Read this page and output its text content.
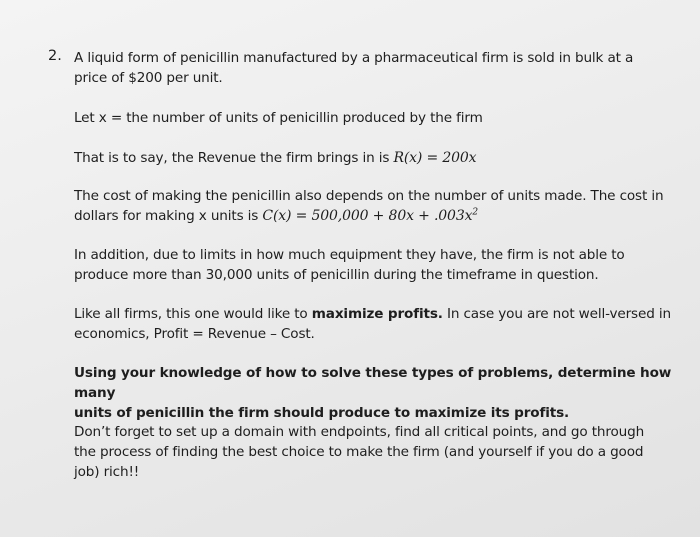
2. A liquid form of penicillin manufactured by a pharmaceutical firm is sold in bulk at a
price of $200 per unit.
Let x = the number of units of penicillin produced by the firm
That is to say, the Revenue the firm brings in is R(x) = 200x
The cost of making the penicillin also depends on the number of units made. The cost in
dollars for making x units is $C(x) = 500,000 + 80x + .003x^2$
In addition, due to limits in how much equipment they have, the firm is not able to
produce more than 30,000 units of penicillin during the timeframe in question.
Like all firms, this one would like to maximize profits. In case you are not well-versed in
economics, Profit = Revenue – Cost.
Using your knowledge of how to solve these types of problems, determine how many
units of penicillin the firm should produce to maximize its profits.
Don’t forget to set up a domain with endpoints, find all critical points, and go through
the process of finding the best choice to make the firm (and yourself if you do a good
job) rich!!
